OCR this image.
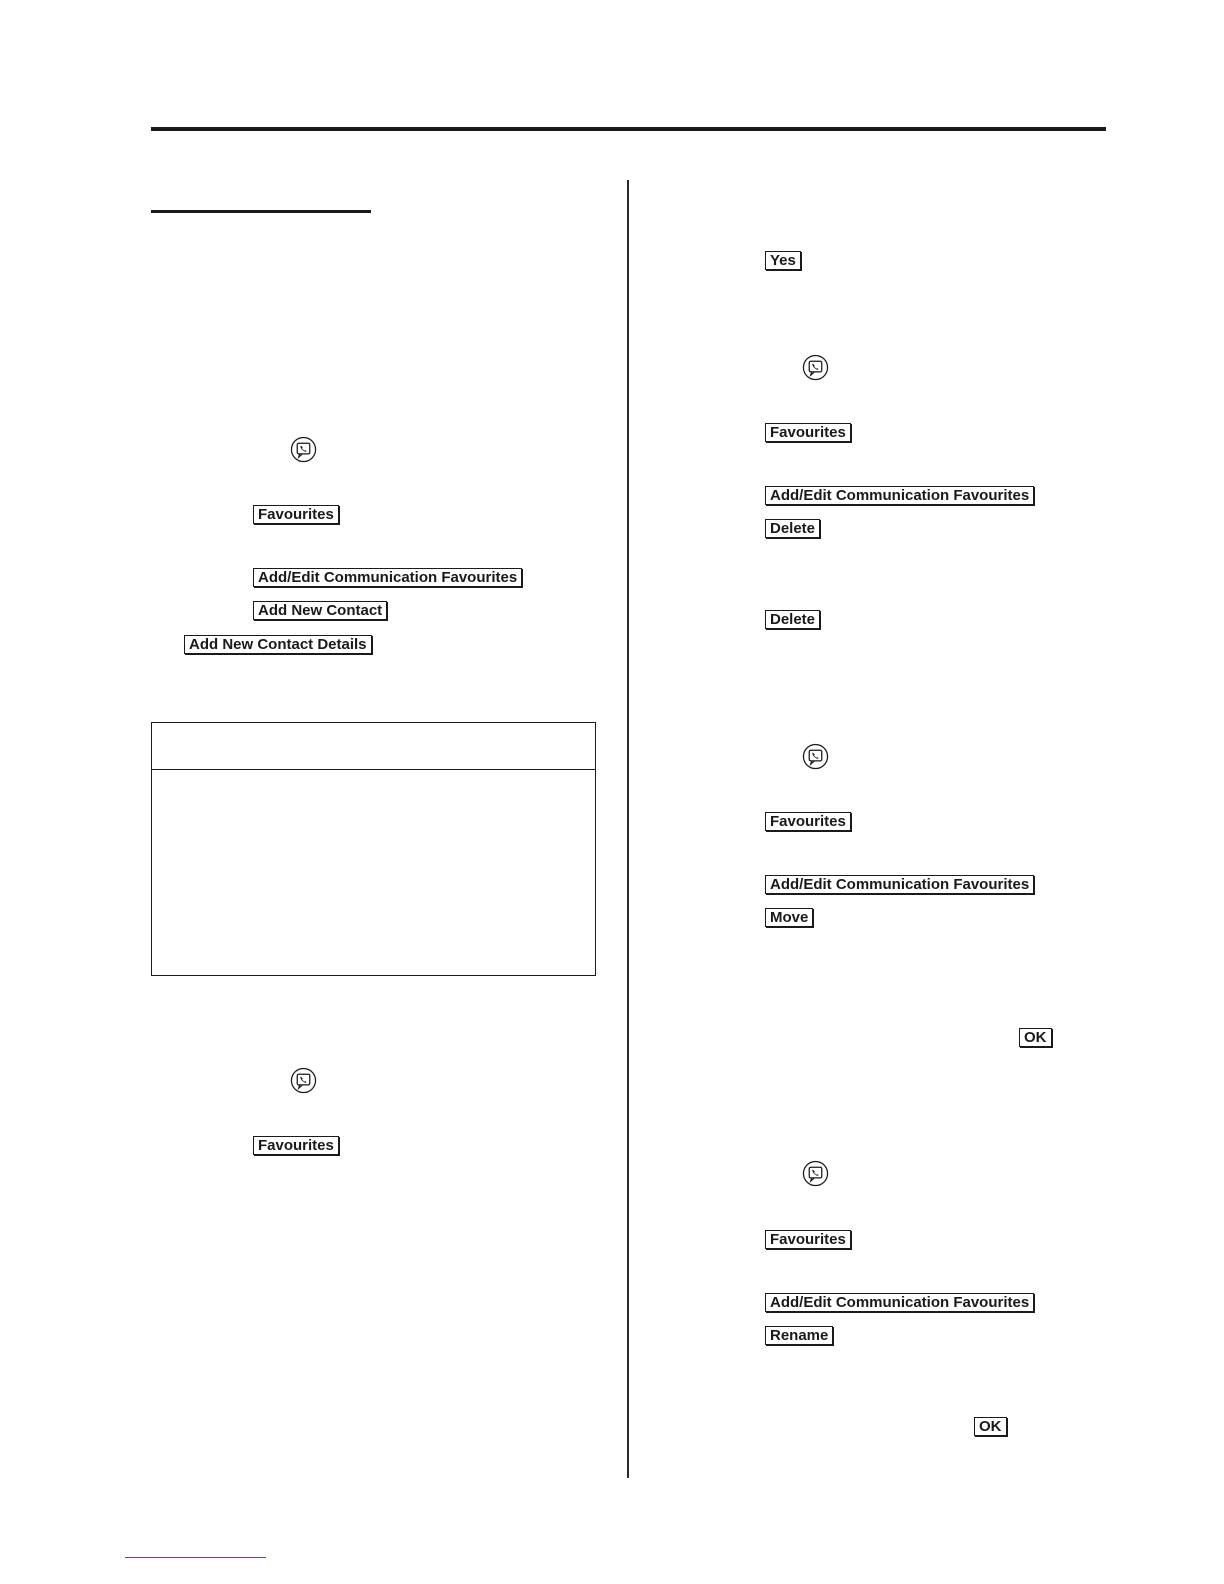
Favourites
Add/Edit Communication Favourites
Add New Contact
Add New Contact Details
Favourites
Yes
Favourites
Add/Edit Communication Favourites
Delete
Delete
Favourites
Add/Edit Communication Favourites
Move
OK
Favourites
Add/Edit Communication Favourites
Rename
OK
